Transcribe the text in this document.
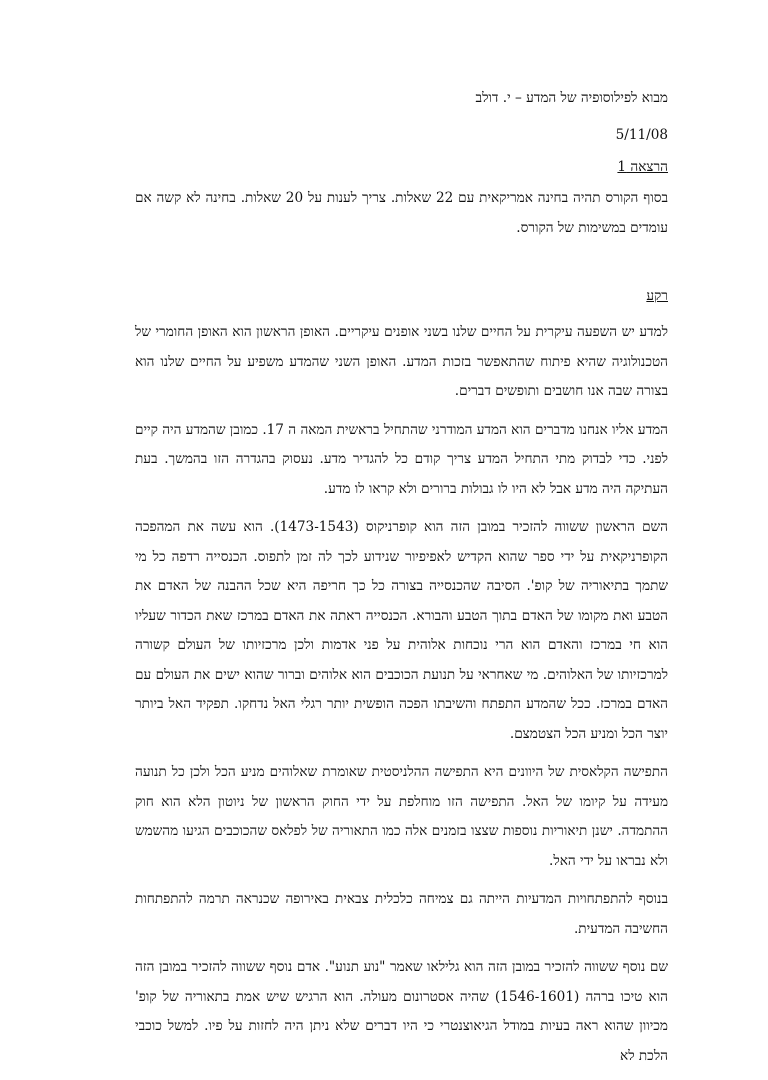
מבוא לפילוסופיה של המדע – י. דולב
5/11/08
הרצאה 1

בסוף הקורס תהיה בחינה אמריקאית עם 22 שאלות. צריך לענות על 20 שאלות. בחינה לא קשה אם עומדים במשימות של הקורס.

רקע

למדע יש השפעה עיקרית על החיים שלנו בשני אופנים עיקריים. האופן הראשון הוא האופן החומרי של הטכנולוגיה שהיא פיתוח שהתאפשר בזכות המדע. האופן השני שהמדע משפיע על החיים שלנו הוא בצורה שבה אנו חושבים ותופשים דברים.

המדע אליו אנחנו מדברים הוא המדע המודרני שהתחיל בראשית המאה ה 17. כמובן שהמדע היה קיים לפני. כדי לבדוק מתי התחיל המדע צריך קודם כל להגדיר מדע. נעסוק בהגדרה הזו בהמשך. בעת העתיקה היה מדע אבל לא היו לו גבולות ברורים ולא קראו לו מדע.

השם הראשון ששווה להזכיר במובן הזה הוא קופרניקוס (1473-1543). הוא עשה את המהפכה הקופרניקאית על ידי ספר שהוא הקדיש לאפיפיור שנידוע לכך לה זמן לתפוס. הכנסייה רדפה כל מי שתמך בתיאוריה של קופ'. הסיבה שהכנסייה בצורה כל כך חריפה היא שכל ההבנה של האדם את הטבע ואת מקומו של האדם בתוך הטבע והבורא. הכנסייה ראתה את האדם במרכז שאת הכדור שעליו הוא חי במרכז והאדם הוא הרי נוכחות אלוהית על פני אדמות ולכן מרכזיותו של העולם קשורה למרכזיותו של האלוהים. מי שאחראי על תנועת הכוכבים הוא אלוהים וברור שהוא ישים את העולם עם האדם במרכז. ככל שהמדע התפתח והשיבתו הפכה הופשית יותר רגלי האל נדחקו. תפקיד האל ביותר יוצר הכל ומניע הכל הצטמצם.

התפישה הקלאסית של היוונים היא התפישה ההלניסטית שאומרת שאלוהים מניע הכל ולכן כל תנועה מעידה על קיומו של האל. התפישה הזו מוחלפת על ידי החוק הראשון של ניוטון הלא הוא חוק ההתמדה. ישנן תיאוריות נוספות שצצו בזמנים אלה כמו התאוריה של לפלאס שהכוכבים הגיעו מהשמש ולא נבראו על ידי האל.

בנוסף להתפתחויות המדעיות הייתה גם צמיחה כלכלית צבאית באירופה שכנראה תרמה להתפתחות החשיבה המדעית.

שם נוסף ששווה להזכיר במובן הזה הוא גלילאו שאמר "נוע תנוע". אדם נוסף ששווה להזכיר במובן הזה הוא טיכו ברהה (1546-1601) שהיה אסטרונום מעולה. הוא הרגיש שיש אמת בתאוריה של קופ' מכיוון שהוא ראה בעיות במודל הגיאוצנטרי כי היו דברים שלא ניתן היה לחזות על פיו. למשל כוכבי הלכת לא
